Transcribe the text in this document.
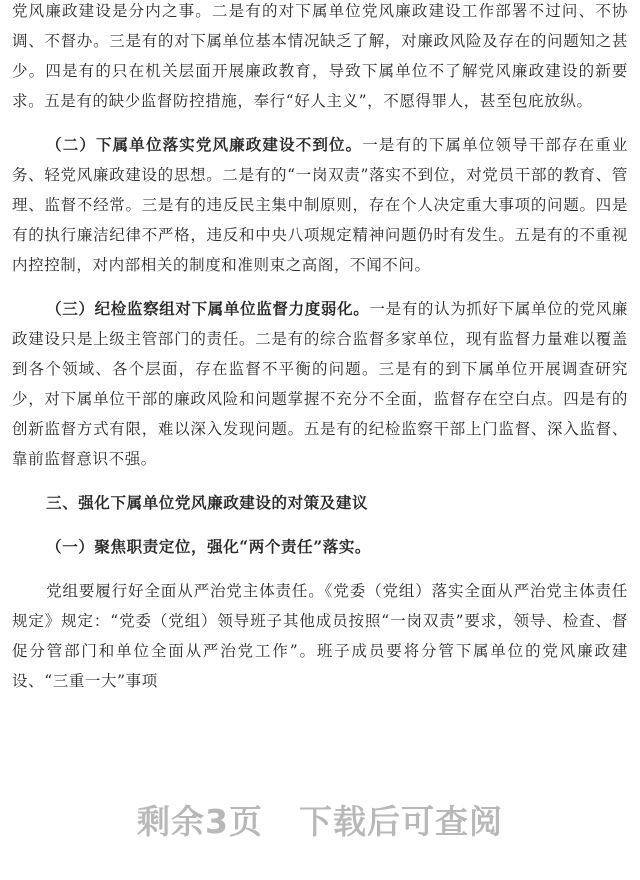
党风廉政建设是分内之事。二是有的对下属单位党风廉政建设工作部署不过问、不协调、不督办。三是有的对下属单位基本情况缺乏了解，对廉政风险及存在的问题知之甚少。四是有的只在机关层面开展廉政教育，导致下属单位不了解党风廉政建设的新要求。五是有的缺少监督防控措施，奉行“好人主义”，不愿得罪人，甚至包庇放纵。

（二）下属单位落实党风廉政建设不到位。一是有的下属单位领导干部存在重业务、轻党风廉政建设的思想。二是有的“一岗双责”落实不到位，对党员干部的教育、管理、监督不经常。三是有的违反民主集中制原则，存在个人决定重大事项的问题。四是有的执行廉洁纪律不严格，违反和中央八项规定精神问题仍时有发生。五是有的不重视内控控制，对内部相关的制度和准则束之高阁，不闻不问。

（三）纪检监察组对下属单位监督力度弱化。一是有的认为抓好下属单位的党风廉政建设只是上级主管部门的责任。二是有的综合监督多家单位，现有监督力量难以覆盖到各个领域、各个层面，存在监督不平衡的问题。三是有的到下属单位开展调查研究少，对下属单位干部的廉政风险和问题掌握不充分不全面，监督存在空白点。四是有的创新监督方式有限，难以深入发现问题。五是有的纪检监察干部上门监督、深入监督、靠前监督意识不强。

三、强化下属单位党风廉政建设的对策及建议

（一）聚焦职责定位，强化“两个责任”落实。

党组要履行好全面从严治党主体责任。《党委（党组）落实全面从严治党主体责任规定》规定：“党委（党组）领导班子其他成员按照“一岗双责”要求，领导、检查、督促分管部门和单位全面从严治党工作”。班子成员要将分管下属单位的党风廉政建设、“三重一大”事项

剩余3页 下载后可查阅
